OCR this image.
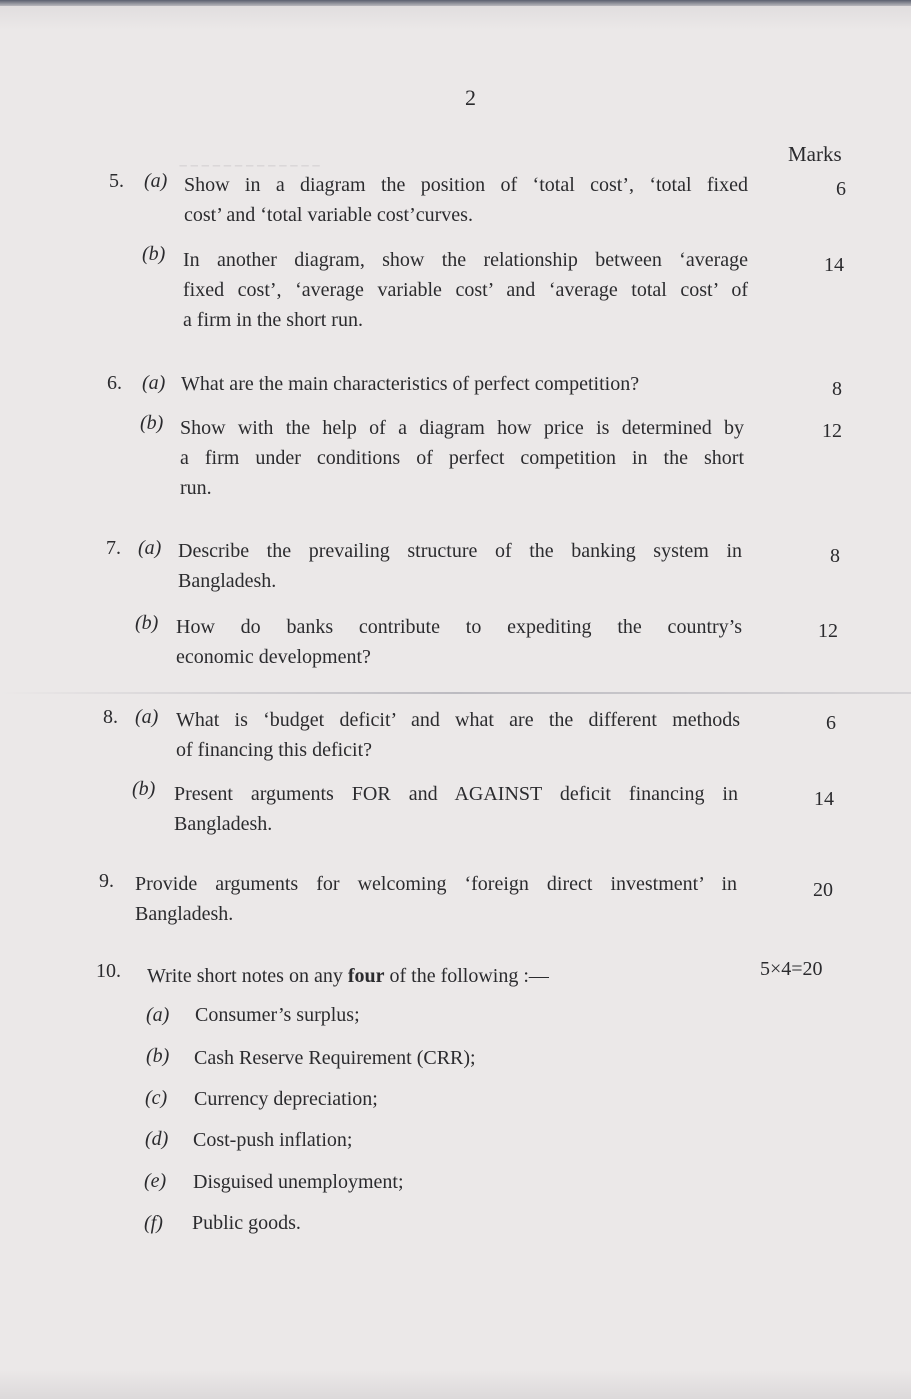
‾ ‾ ‾ ‾ ‾ ‾ ‾ ‾ ‾ ‾ ‾ ‾ ‾
2
Marks
5. (a) Show in a diagram the position of ‘total cost’, ‘total fixed
cost’ and ‘total variable cost’curves.
6
(b) In another diagram, show the relationship between ‘average
fixed cost’, ‘average variable cost’ and ‘average total cost’ of
a firm in the short run.
14
6. (a) What are the main characteristics of perfect competition?	8
(b) Show with the help of a diagram how price is determined by
a firm under conditions of perfect competition in the short
run.
12
7. (a) Describe the prevailing structure of the banking system in
Bangladesh.
8
(b) How do banks contribute to expediting the country’s
economic development?
12
8. (a) What is ‘budget deficit’ and what are the different methods
of financing this deficit?
6
(b) Present arguments FOR and AGAINST deficit financing in
Bangladesh.
14
9. Provide arguments for welcoming ‘foreign direct investment’ in
Bangladesh.
20
10. Write short notes on any four of the following :—	5×4=20
(a) Consumer’s surplus;
(b) Cash Reserve Requirement (CRR);
(c) Currency depreciation;
(d) Cost-push inflation;
(e) Disguised unemployment;
(f) Public goods.
